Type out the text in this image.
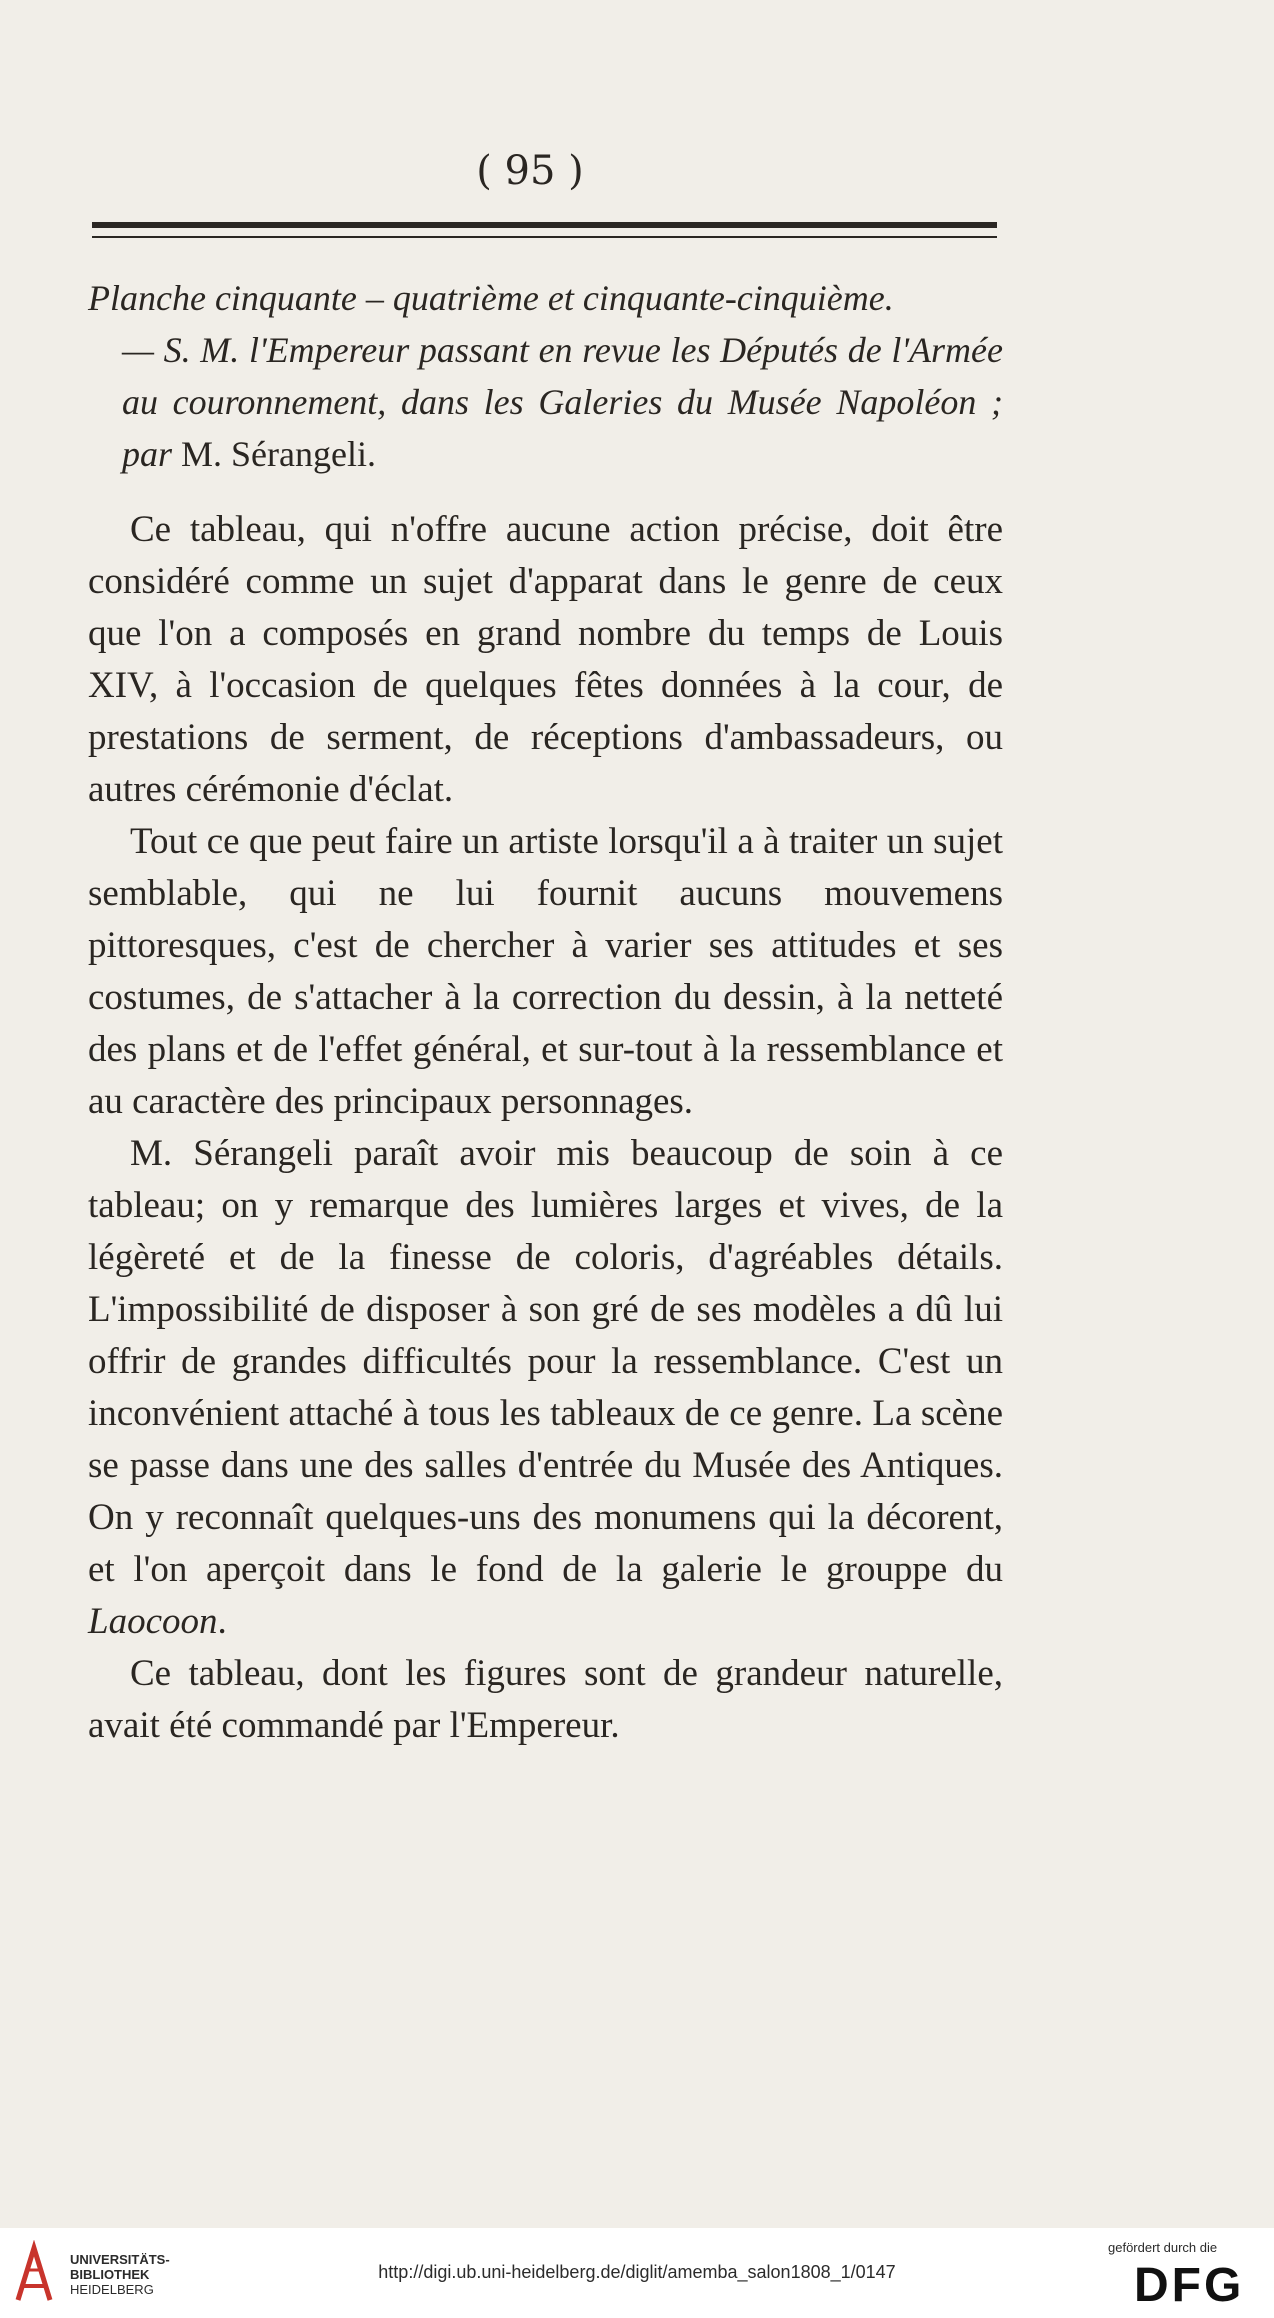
( 95 )
Planche cinquante – quatrième et cinquante-cinquième.
— S. M. l'Empereur passant en revue les Députés de l'Armée au couronnement, dans les Galeries du Musée Napoléon ; par M. Sérangeli.

Ce tableau, qui n'offre aucune action précise, doit être considéré comme un sujet d'apparat dans le genre de ceux que l'on a composés en grand nombre du temps de Louis XIV, à l'occasion de quelques fêtes données à la cour, de prestations de serment, de réceptions d'ambassadeurs, ou autres cérémonie d'éclat.

Tout ce que peut faire un artiste lorsqu'il a à traiter un sujet semblable, qui ne lui fournit aucuns mouvemens pittoresques, c'est de chercher à varier ses attitudes et ses costumes, de s'attacher à la correction du dessin, à la netteté des plans et de l'effet général, et sur-tout à la ressemblance et au caractère des principaux personnages.

M. Sérangeli paraît avoir mis beaucoup de soin à ce tableau; on y remarque des lumières larges et vives, de la légèreté et de la finesse de coloris, d'agréables détails. L'impossibilité de disposer à son gré de ses modèles a dû lui offrir de grandes difficultés pour la ressemblance. C'est un inconvénient attaché à tous les tableaux de ce genre. La scène se passe dans une des salles d'entrée du Musée des Antiques. On y reconnaît quelques-uns des monumens qui la décorent, et l'on aperçoit dans le fond de la galerie le grouppe du Laocoon.

Ce tableau, dont les figures sont de grandeur naturelle, avait été commandé par l'Empereur.

UNIVERSITÄTS-
BIBLIOTHEK
HEIDELBERG
http://digi.ub.uni-heidelberg.de/diglit/amemba_salon1808_1/0147
gefördert durch die
DFG
